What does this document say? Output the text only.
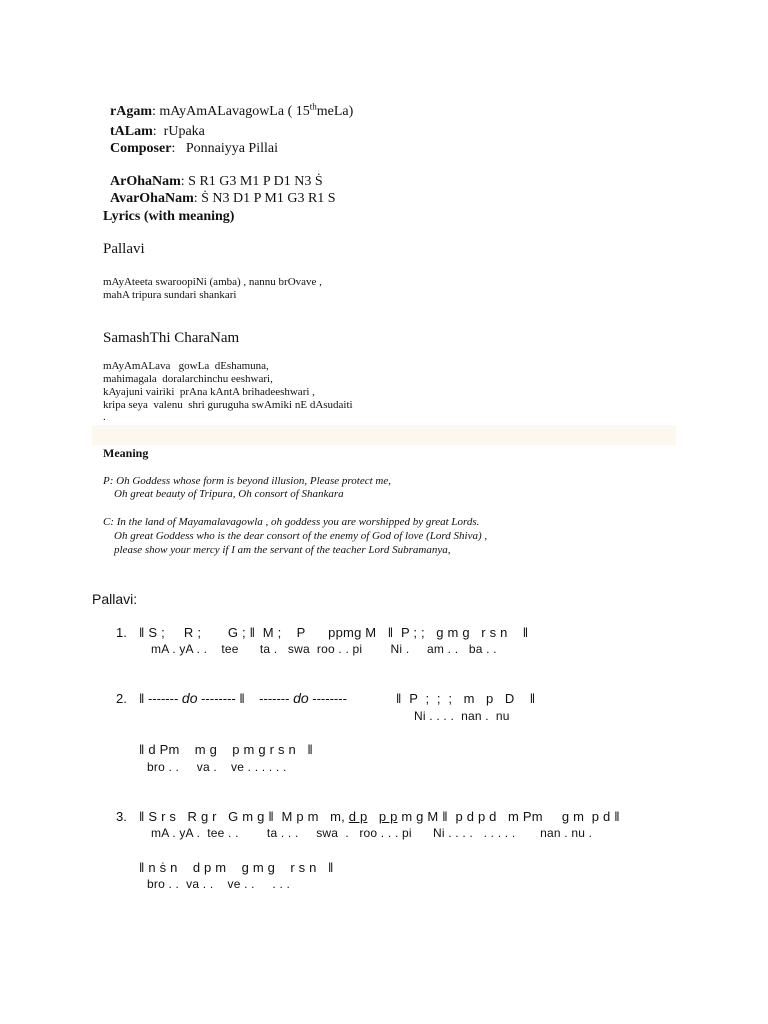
rAgam: mAyAmALavagowLa ( 15thmeLa)

tALam:  rUpaka

Composer:   Ponnaiyya Pillai

ArOhaNam: S R1 G3 M1 P D1 N3 Ṡ

AvarOhaNam: Ṡ N3 D1 P M1 G3 R1 S

Lyrics (with meaning)
Pallavi
mAyAteeta swaroopiNi (amba) , nannu brOvave ,
mahA tripura sundari shankari
SamashThi CharaNam
mAyAmALava   gowLa  dEshamuna,
mahimagala  doralarchinchu eeshwari,
kAyajuni vairiki  prAna kAntA brihadeeshwari ,
kripa seya  valenu  shri guruguha swAmiki nE dAsudaiti
.
Meaning
P: Oh Goddess whose form is beyond illusion, Please protect me,
Oh great beauty of Tripura, Oh consort of Shankara
C: In the land of Mayamalavagowla , oh goddess you are worshipped by great Lords.
Oh great Goddess who is the dear consort of the enemy of God of love (Lord Shiva) ,
please show your mercy if I am the servant of the teacher Lord Subramanya,
Pallavi:
1. ‖ S ;     R ;       G ; ‖  M ;    P      ppmg M   ‖  P ; ;   g m g   r s n    ‖
mA . yA . .    tee      ta .   swa  roo . . pi        Ni .     am . .   ba . .
2. ‖ ------- do -------- ‖    ------- do --------	‖  P  ;  ;  ;   m   p   D    ‖
Ni . . . .  nan .  nu
‖ d Pm    m g    p m g r s n   ‖
bro . .     va .    ve . . . . . .
3. ‖ S r s   R g r   G m g ‖  M p m   m, d p p p m g M ‖  p d p d   m Pm     g m  p d ‖
mA . yA .  tee . .        ta . . .     swa  .   roo . . . pi      Ni . . . .   . . . . .       nan . nu .
‖ n ṡ n    d p m    g m g    r s n   ‖
bro . .  va . .    ve . .     . . .
